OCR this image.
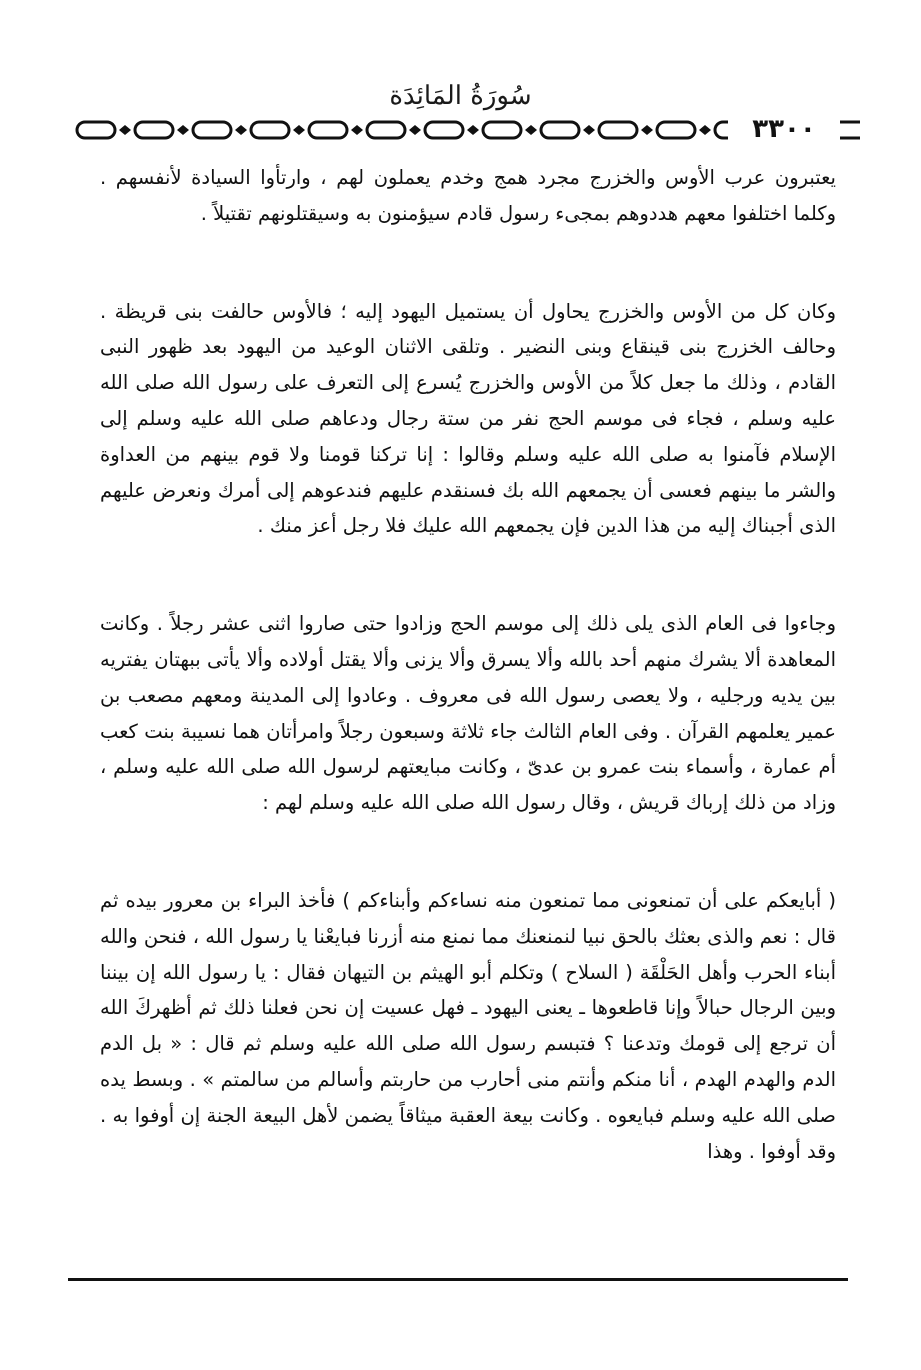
سُورَةُ المَائِدَة
٣٣٠٠

يعتبرون عرب الأوس والخزرج مجرد همج وخدم يعملون لهم ، وارتأوا السيادة لأنفسهم . وكلما اختلفوا معهم هددوهم بمجىء رسول قادم سيؤمنون به وسيقتلونهم تقتيلاً .

وكان كل من الأوس والخزرج يحاول أن يستميل اليهود إليه ؛ فالأوس حالفت بنى قريظة . وحالف الخزرج بنى قينقاع وبنى النضير . وتلقى الاثنان الوعيد من اليهود بعد ظهور النبى القادم ، وذلك ما جعل كلاً من الأوس والخزرج يُسرع إلى التعرف على رسول الله صلى الله عليه وسلم ، فجاء فى موسم الحج نفر من ستة رجال ودعاهم صلى الله عليه وسلم إلى الإسلام فآمنوا به صلى الله عليه وسلم وقالوا : إنا تركنا قومنا ولا قوم بينهم من العداوة والشر ما بينهم فعسى أن يجمعهم الله بك فسنقدم عليهم فندعوهم إلى أمرك ونعرض عليهم الذى أجبناك إليه من هذا الدين فإن يجمعهم الله عليك فلا رجل أعز منك .

وجاءوا فى العام الذى يلى ذلك إلى موسم الحج وزادوا حتى صاروا اثنى عشر رجلاً . وكانت المعاهدة ألا يشرك منهم أحد بالله وألا يسرق وألا يزنى وألا يقتل أولاده وألا يأتى ببهتان يفتريه بين يديه ورجليه ، ولا يعصى رسول الله فى معروف . وعادوا إلى المدينة ومعهم مصعب بن عمير يعلمهم القرآن . وفى العام الثالث جاء ثلاثة وسبعون رجلاً وامرأتان هما نسيبة بنت كعب أم عمارة ، وأسماء بنت عمرو بن عدىّ ، وكانت مبايعتهم لرسول الله صلى الله عليه وسلم ، وزاد من ذلك إرباك قريش ، وقال رسول الله صلى الله عليه وسلم لهم :

( أبايعكم على أن تمنعونى مما تمنعون منه نساءكم وأبناءكم ) فأخذ البراء بن معرور بيده ثم قال : نعم والذى بعثك بالحق نبيا لنمنعنك مما نمنع منه أزرنا فبايعْنا يا رسول الله ، فنحن والله أبناء الحرب وأهل الحَلْقَة ( السلاح ) وتكلم أبو الهيثم بن التيهان فقال : يا رسول الله إن بيننا وبين الرجال حبالاً وإنا قاطعوها ـ يعنى اليهود ـ فهل عسيت إن نحن فعلنا ذلك ثم أظهركَ الله أن ترجع إلى قومك وتدعنا ؟ فتبسم رسول الله صلى الله عليه وسلم ثم قال : « بل الدم الدم والهدم الهدم ، أنا منكم وأنتم منى أحارب من حاربتم وأسالم من سالمتم » . وبسط يده صلى الله عليه وسلم فبايعوه . وكانت بيعة العقبة ميثاقاً يضمن لأهل البيعة الجنة إن أوفوا به . وقد أوفوا . وهذا
